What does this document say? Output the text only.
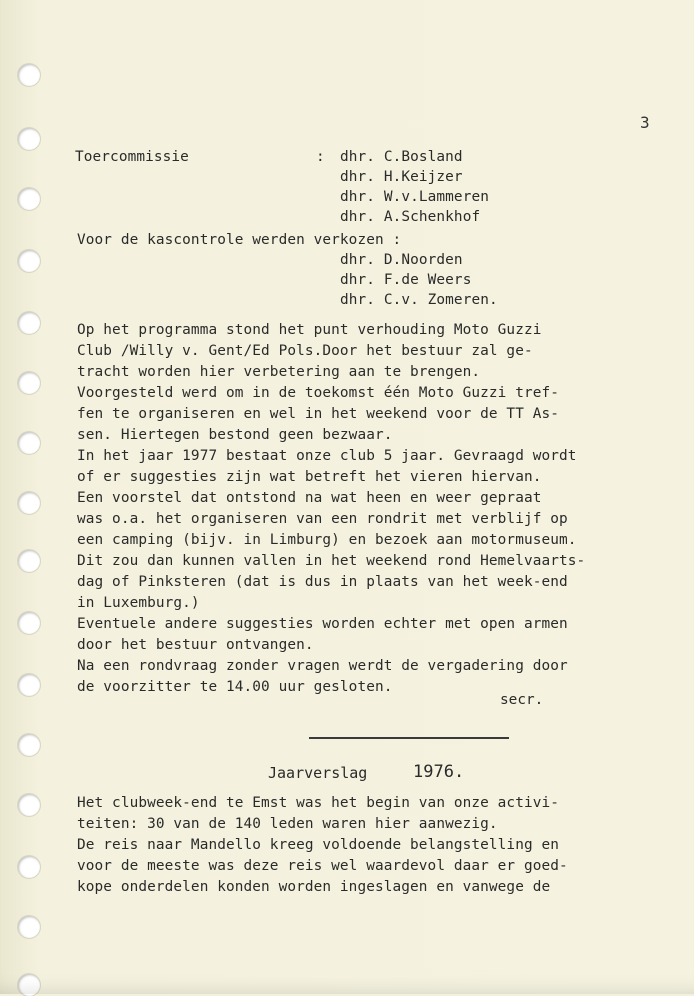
3
Toercommissie	: dhr. C.Bosland
dhr. H.Keijzer
dhr. W.v.Lammeren
dhr. A.Schenkhof
Voor de kascontrole werden verkozen :
dhr. D.Noorden
dhr. F.de Weers
dhr. C.v. Zomeren.
Op het programma stond het punt verhouding Moto Guzzi
Club /Willy v. Gent/Ed Pols.Door het bestuur zal ge-
tracht worden hier verbetering aan te brengen.
Voorgesteld werd om in de toekomst één Moto Guzzi tref-
fen te organiseren en wel in het weekend voor de TT As-
sen. Hiertegen bestond geen bezwaar.
In het jaar 1977 bestaat onze club 5 jaar. Gevraagd wordt
of er suggesties zijn wat betreft het vieren hiervan.
Een voorstel dat ontstond na wat heen en weer gepraat
was o.a. het organiseren van een rondrit met verblijf op
een camping (bijv. in Limburg) en bezoek aan motormuseum.
Dit zou dan kunnen vallen in het weekend rond Hemelvaarts-
dag of Pinksteren (dat is dus in plaats van het week-end
in Luxemburg.)
Eventuele andere suggesties worden echter met open armen
door het bestuur ontvangen.
Na een rondvraag zonder vragen werdt de vergadering door
de voorzitter te 14.00 uur gesloten.
secr.
Jaarverslag	1976.
Het clubweek-end te Emst was het begin van onze activi-
teiten: 30 van de 140 leden waren hier aanwezig.
De reis naar Mandello kreeg voldoende belangstelling en
voor de meeste was deze reis wel waardevol daar er goed-
kope onderdelen konden worden ingeslagen en vanwege de
